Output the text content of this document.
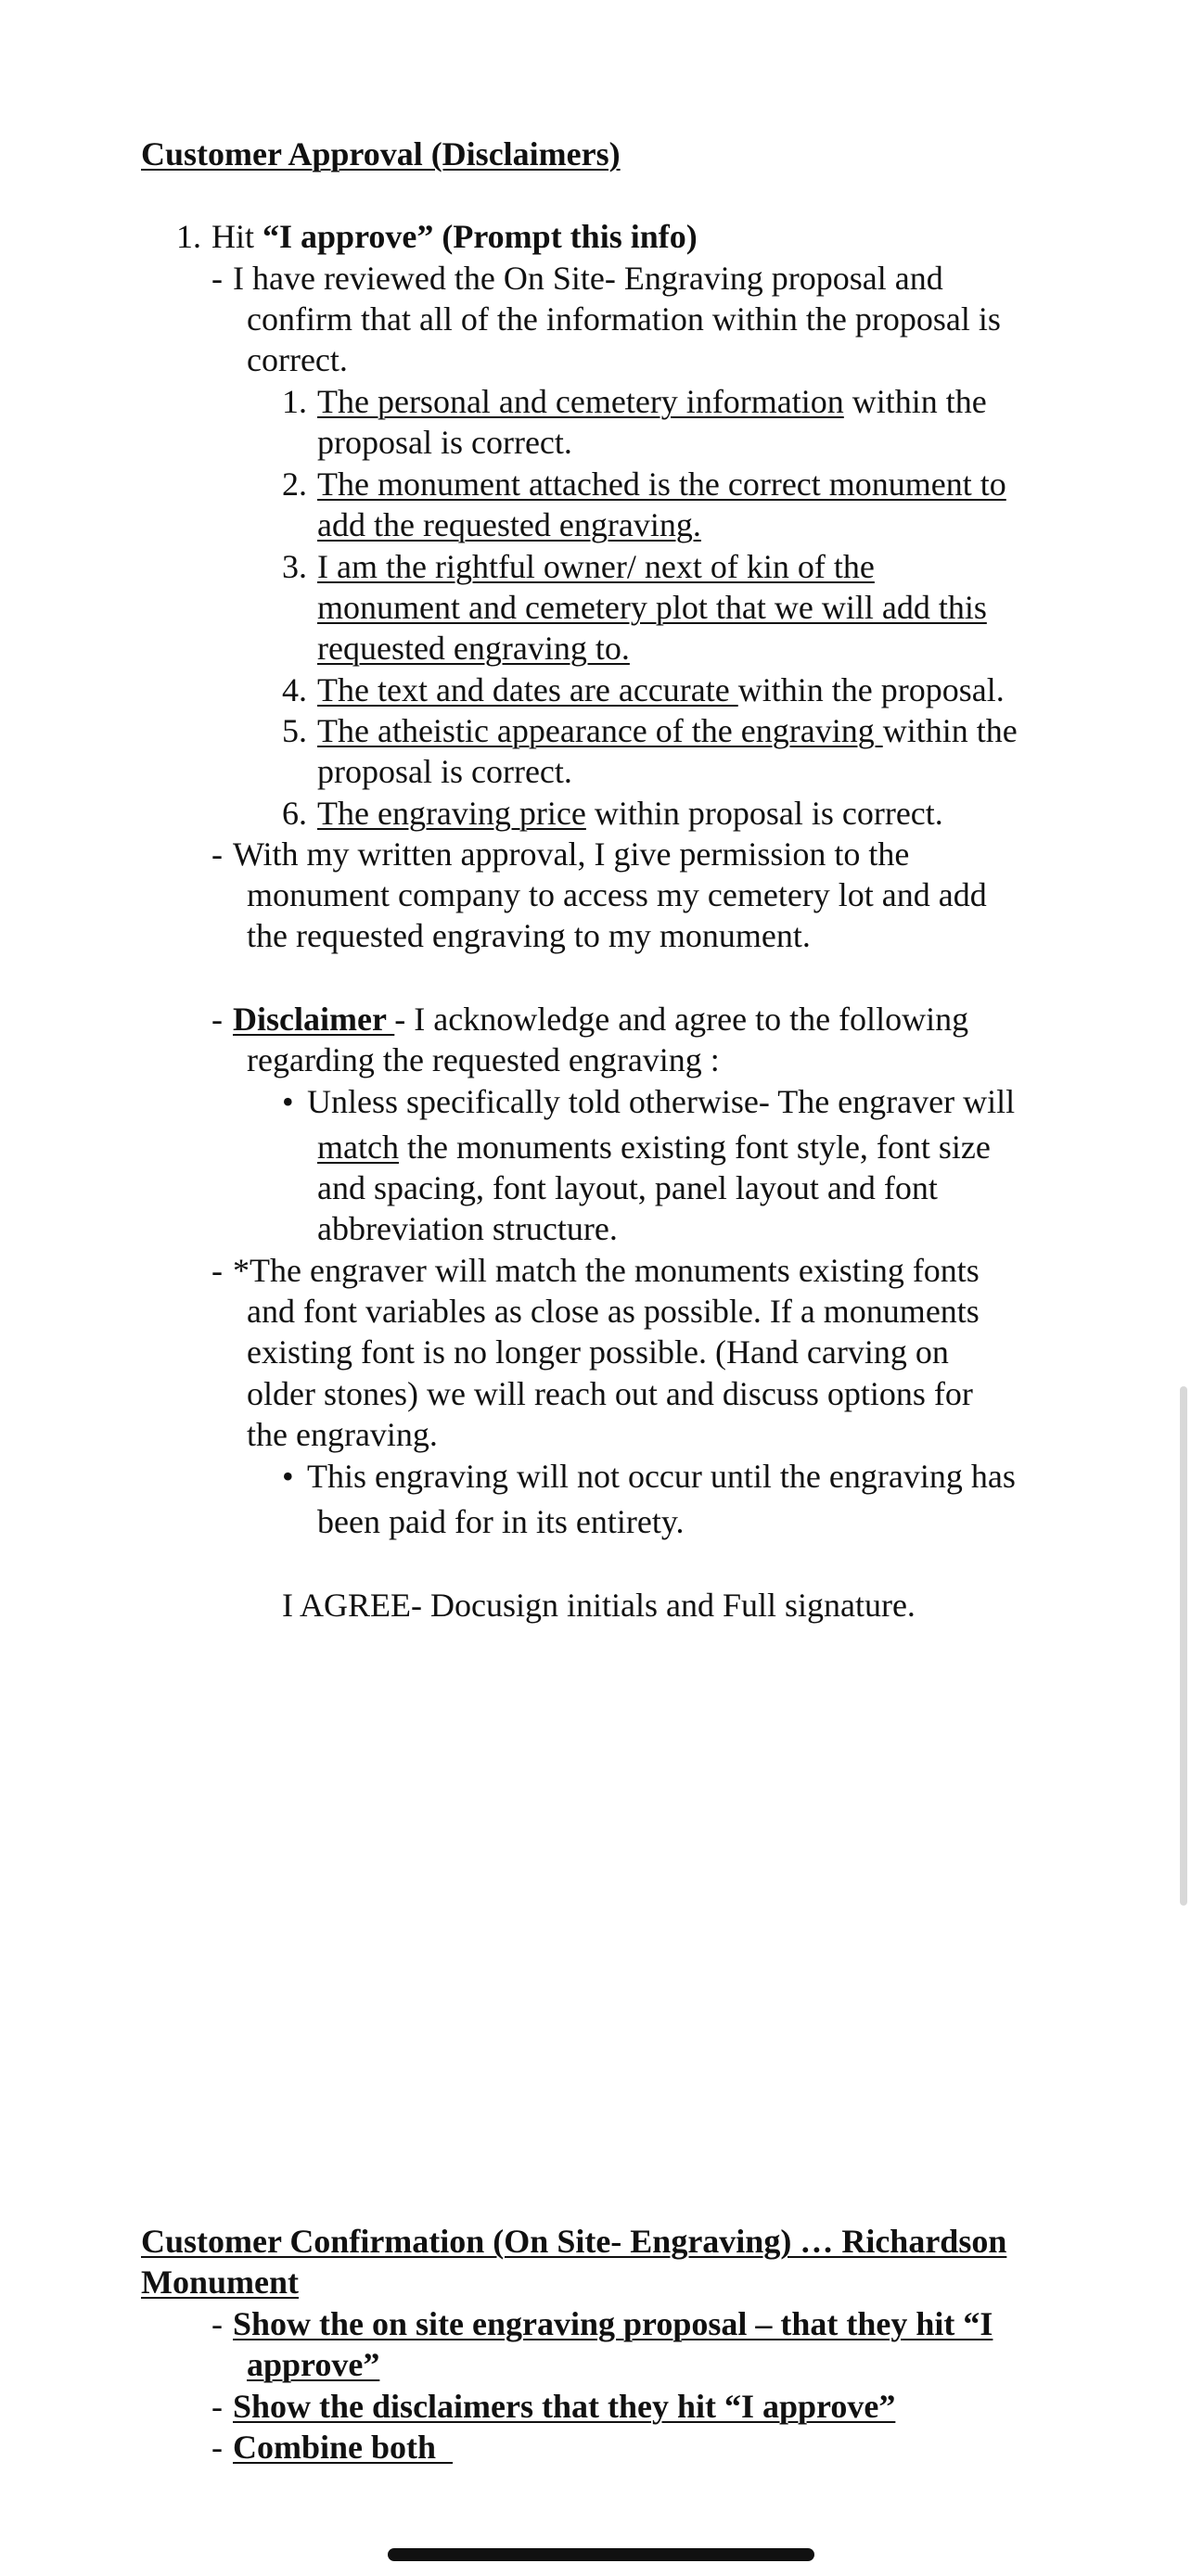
Customer Approval (Disclaimers)
1. Hit “I approve” (Prompt this info)
- I have reviewed the On Site- Engraving proposal and
confirm that all of the information within the proposal is
correct.
1. The personal and cemetery information within the
proposal is correct.
2. The monument attached is the correct monument to
add the requested engraving.
3. I am the rightful owner/ next of kin of the
monument and cemetery plot that we will add this
requested engraving to.
4. The text and dates are accurate within the proposal.
5. The atheistic appearance of the engraving within the
proposal is correct.
6. The engraving price within proposal is correct.
- With my written approval, I give permission to the
monument company to access my cemetery lot and add
the requested engraving to my monument.
- Disclaimer - I acknowledge and agree to the following
regarding the requested engraving :
• Unless specifically told otherwise- The engraver will
match the monuments existing font style, font size
and spacing, font layout, panel layout and font
abbreviation structure.
- *The engraver will match the monuments existing fonts
and font variables as close as possible. If a monuments
existing font is no longer possible. (Hand carving on
older stones) we will reach out and discuss options for
the engraving.
• This engraving will not occur until the engraving has
been paid for in its entirety.
I AGREE- Docusign initials and Full signature.
Customer Confirmation (On Site- Engraving) … Richardson
Monument
- Show the on site engraving proposal – that they hit “I
approve”
- Show the disclaimers that they hit “I approve”
- Combine both
